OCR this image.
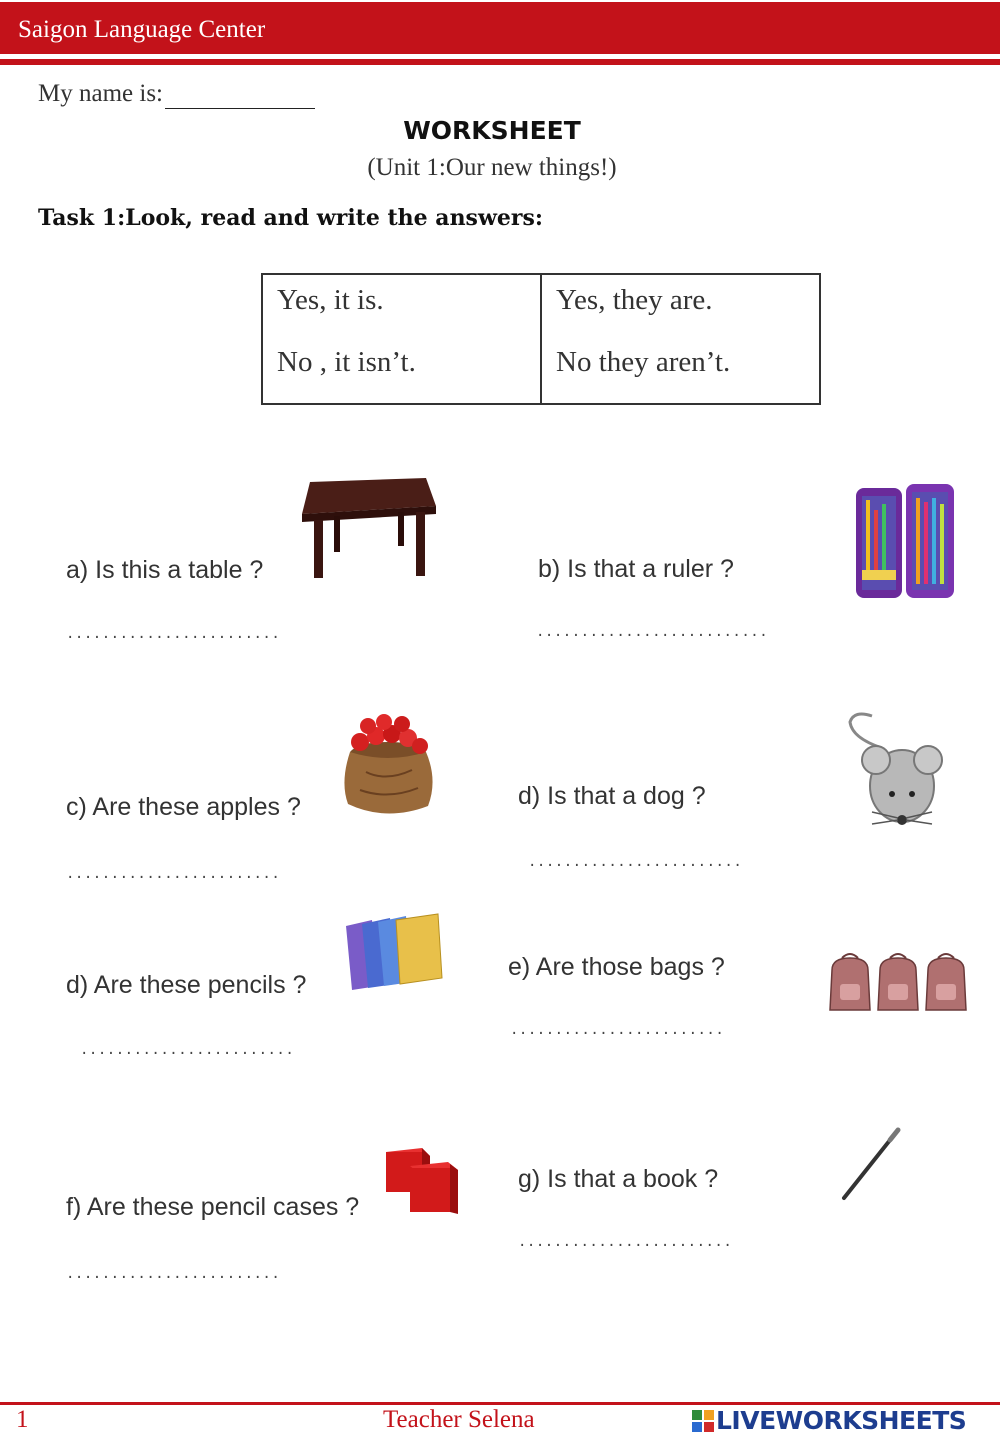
Saigon Language Center
My name is:
WORKSHEET
(Unit 1:Our new things!)
Task 1:Look, read and write the answers:
Yes, it is.
No , it isn’t.
Yes, they are.
No they aren’t.
a) Is this a table ?
........................
b) Is that a ruler ?
..........................
c) Are these apples ?
........................
d) Is that a dog ?
........................
d) Are these pencils ?
........................
e) Are those bags ?
........................
f) Are these pencil cases ?
........................
g) Is that a book ?
........................
1	Teacher Selena	LIVEWORKSHEETS
